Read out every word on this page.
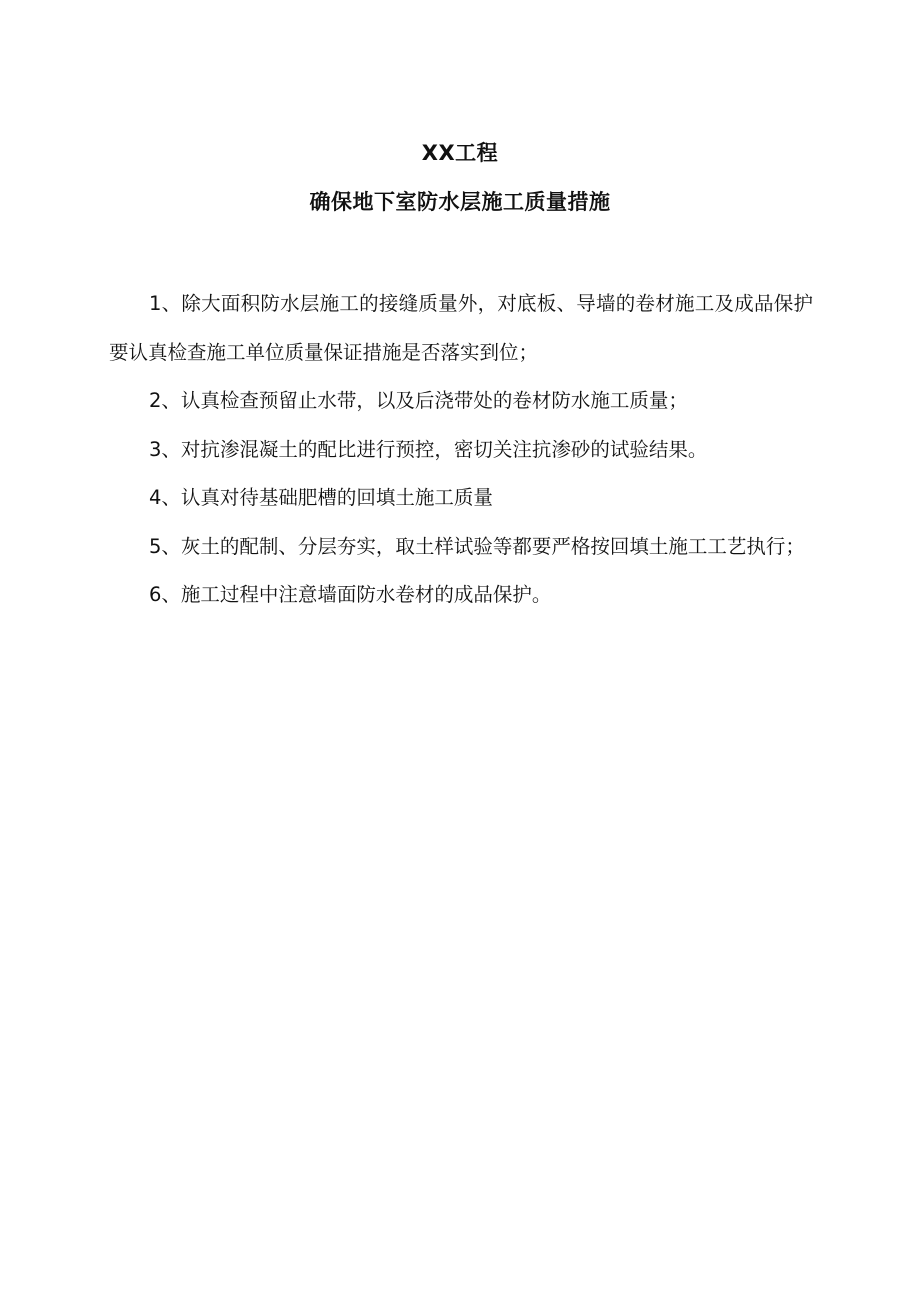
XX工程
确保地下室防水层施工质量措施

1、除大面积防水层施工的接缝质量外，对底板、导墙的卷材施工及成品保护要认真检查施工单位质量保证措施是否落实到位；

2、认真检查预留止水带，以及后浇带处的卷材防水施工质量；

3、对抗渗混凝土的配比进行预控，密切关注抗渗砂的试验结果。

4、认真对待基础肥槽的回填土施工质量

5、灰土的配制、分层夯实，取土样试验等都要严格按回填土施工工艺执行；

6、施工过程中注意墙面防水卷材的成品保护。
